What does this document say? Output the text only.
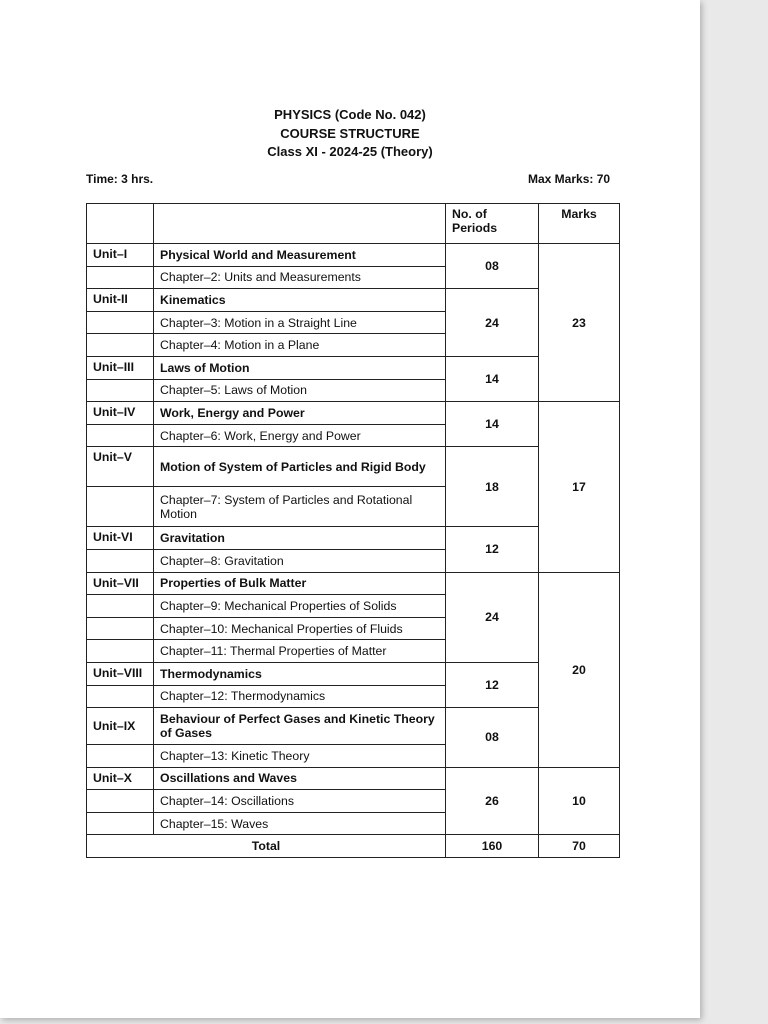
PHYSICS (Code No. 042)
COURSE STRUCTURE
Class XI - 2024-25 (Theory)
Time: 3 hrs.	Max Marks: 70
		No. of Periods	Marks
Unit–I	Physical World and Measurement	08	23
	Chapter–2: Units and Measurements		
Unit-II	Kinematics	24	
	Chapter–3: Motion in a Straight Line		
	Chapter–4: Motion in a Plane		
Unit–III	Laws of Motion	14	
	Chapter–5: Laws of Motion		
Unit–IV	Work, Energy and Power	14	17
	Chapter–6: Work, Energy and Power		
Unit–V	Motion of System of Particles and Rigid Body	18	
	Chapter–7: System of Particles and Rotational Motion		
Unit-VI	Gravitation	12	
	Chapter–8: Gravitation		
Unit–VII	Properties of Bulk Matter	24	20
	Chapter–9: Mechanical Properties of Solids		
	Chapter–10: Mechanical Properties of Fluids		
	Chapter–11: Thermal Properties of Matter		
Unit–VIII	Thermodynamics	12	
	Chapter–12: Thermodynamics		
Unit–IX	Behaviour of Perfect Gases and Kinetic Theory of Gases	08	
	Chapter–13: Kinetic Theory		
Unit–X	Oscillations and Waves	26	10
	Chapter–14: Oscillations		
	Chapter–15: Waves		
Total		160	70
